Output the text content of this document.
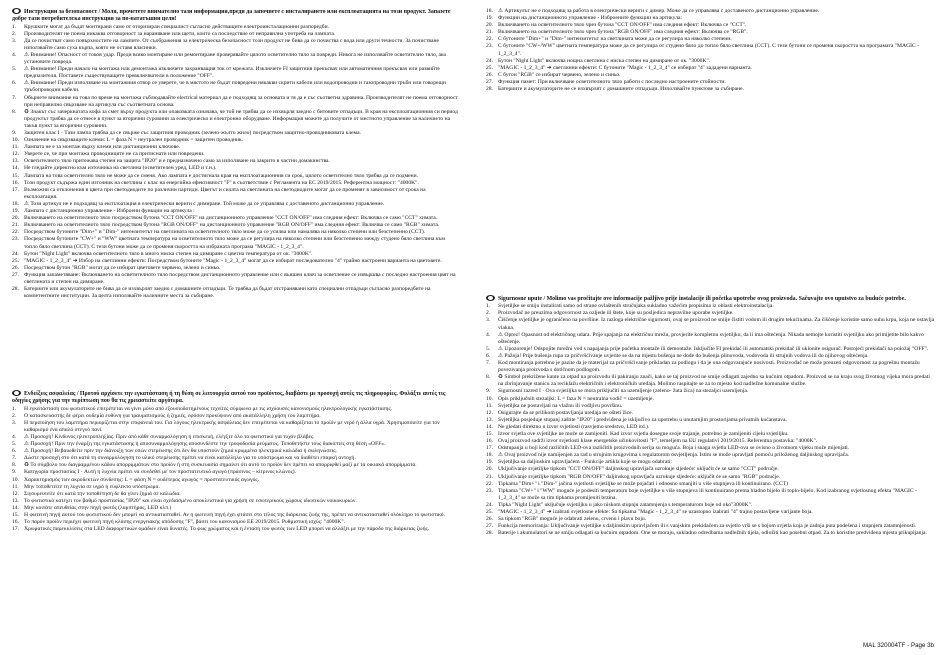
Инструкции за безопасност / Моля, прочетете внимателно тази информация,преди да започнете с инсталирането или експлоатацията на този продукт. Запазете добре тази потребителска инструкция за по-нататъшни цели!

1. Крушките могат да бъдат монтирани само от оторизиран специалист съгласно действащите електроинсталационни разпоредби.

2. Производителят не поема никаква отговорност за нараняване или щети, които са последствие от неправилна употреба на лампата.

3. Да се почистват само повърхностите на лампите. От съображения за електрическа безопасност този продукт не бива да се почиства с вода или други течности. За почистване използвайте само суха кърпа, която не оставя власинки.

4. ⚠ Внимание! Опасност от токов удар. Преди всяко монтиране или ремонтиране проверявайте цялото осветително тяло за повреди. Никога не използвайте осветително тяло, ако установите повреда.

5. ⚠ Внимание! Преди начало на монтажа или демонтажа изключете захранващия ток от мрежата. Изключете FI защитния прекъсвач или автоматичния прекъсвач или развийте предпазителя. Поставете съществуващите превключватели в положение "OFF".

6. ⚠ Внимание! Преди използване на монтажния отвор се уверете, че в мястото не бъдат повредени някакви скрити кабели или водопроводни и газопроводни тръби или говорещи тръбопроводни кабели.

7. Обърнете внимание на това по време на монтажа съблюдавайте electrical материал да е подходящ за основата и тя да е със съответна здравина. Производителят не поема отговорност при неправилно свързване на артикула със съответната основа.

8. ♻ Знакът със зачеркнатата кофа за смет върху продукта или опаковката означава, че той не трябва да се изхвърля заедно с битовите отпадъци. В края на експлоатационния си период продуктът трябва да се отнесе в пункт за вторични суровини за електрическо и електронно оборудване. Информация можете да получите от местното управление за наличието на такъв пункт за вторични суровини.

9. Защитен клас I · Тази лампа трябва да се свърже със защитния проводник (зелено-жълто жило) посредством защитно-проводниковата клема.

10. Означение на свързващите клеми: L = фаза N = неутрален проводник = защитен проводник.

11. Лампата не е за монтаж върху клеми или дистанционни ключове.

12. Уверете се, че при монтажа проводниците не са притиснати или повредени.

13. Осветителното тяло притежава степен на защита "IP20" и е предназначено само за използване на закрито в частни домакинства.

14. Не гледайте директно към източника на светлина (осветителен уред, LED и т.н.).

15. Лампата на това осветително тяло не може да се сменя. Ако лампата е достигнала края на експлоатационния си срок, цялото осветително тяло трябва да се подмени.

16. Този продукт съдържа един източник на светлина с клас на енергийна ефективност "F" в съответствие с Регламента на ЕС 2019/2015. Референтна мощност: "4000K".

17. Възможни са отклонения в цвета при светодиодите по различни партиди. Цветът и силата на светлината на светодиодите могат да се променят в зависимост от срока на експлоатация.

18. ⚠ Този артикул не е подходящ за експлоатация в електрически вериги с димиране. Той може да се управлява с доставеното дистанционно управление.

19. Лампата с дистанционно управление - Изброени функции на артикула :

20. Включването на осветителното тяло посредством бутона "CCT ON/OFF" на дистанционното управление "CCT ON/OFF" има следния ефект: Включва се само "CCT" химата.

21. Включването на осветителното тяло посредством бутона "RGB ON/OFF" на дистанционното управление "RGB ON/OFF" има следния ефект: Включва се само "RGB" химата.

22. Посредством бутоните "Dim+" и "Dim-" интензитетът на светлината на осветителното тяло може да се усилва или намалява на няколко степени или безстепенно (CCT).

23. Посредством бутоните "CW+" и "WW" цветната температура на осветителното тяло може да се регулира на няколко степени или безстепенно между студено бяло светлина към топло бяло светлина (CCT). С тези бутони може да се променя скоростта на избраната програма "MAGIC - 1_2_3_4".

24. Бутон "Night Light" включва осветителното тяло в много ниска степен на димиране с цветна температура от ок. "3000K".

25. "MAGIC - 1_2_3_4" ➔ Избор на светлинни ефекти: Посредством бутоните "Magic - 1_2_3_4" могат да се избират последователно "4" трайно настроени варианта на цветовете.

26. Посредством бутон "RGB" могат да се избират цветовете червено, зелено и синьо.

27. Функция запаметяване: Включването на осветителното тяло посредством дистанционното управление или с външен ключ за осветление се извършва с последно настроения цвят на светлината и степен на димиране.

28. Батериите или акумулаторите не бива да се изхвърлят заедно с домашните отпадъци. Те трябва да бъдат отстранявани като специални отпадъци съгласно разпоредбите на компетентните институции. За целта използвайте наличните места за събиране.

Ενδείξεις ασφαλείας / Προτού αρχίσετε την εγκατάσταση ή τη θέση σε λειτουργία αυτού του προϊόντος, διαβάστε με προσοχή αυτές τις πληροφορίες. Φυλάξτε αυτές τις οδηγίες χρήσης για την περίπτωση που θα τις χρειαστείτε αργότερα.

1. Η εγκατάσταση του φωτιστικού επιτρέπεται να γίνει μόνο από εξουσιοδοτημένους τεχνίτες σύμφωνα με τις ισχύουσες κανονισμούς ηλεκτρολογικής εγκατάστασης.

2. Ο κατασκευαστής δε φέρει ουδεμία ευθύνη για τραυματισμούς ή ζημιές, εφόσον προκύψουν από ακατάλληλη χρήση του λαμπτήρα.

3. Η περιποίηση του λαμπτήρα περιορίζεται στην επιφάνειά του. Για λόγους ηλεκτρικής ασφάλειας δεν επιτρέπεται να καθαρίζεται το προϊόν με νερό ή άλλα υγρά. Χρησιμοποιείτε για τον καθαρισμό ένα απαλό στεγνό πανί.

4. ⚠ Προσοχή! Κίνδυνος ηλεκτροπληξίας. Πριν από κάθε συναρμολόγηση ή επισκευή, ελέγξτε όλο το φωτιστικό για τυχόν βλάβες.

5. ⚠ Προσοχή! Πριν την έναρξη της εγκατάστασης ή αποσυναρμολόγησης αποσυνδέστε την τροφοδοσία ρεύματος. Τοποθετήστε τους διακόπτες στη θέση «OFF».

6. ⚠ Προσοχή! Βεβαιωθείτε πριν την διάνοιξη των οπών στερέωσης ότι δεν θα υποστούν ζημιά κρυμμένα ηλεκτρικά καλώδια ή σωληνώσεις.

7. Δώστε προσοχή στο ότι κατά τη συναρμολόγηση το υλικό στερέωσης πρέπει να είναι κατάλληλο για το υπόστρωμα και να διαθέτει επαρκή αντοχή.

8. ♻ Το σύμβολο του διαγραμμένου κάδου απορριμμάτων στο προϊόν ή στη συσκευασία σημαίνει ότι αυτό το προϊόν δεν πρέπει να απορριφθεί μαζί με τα οικιακά απορρίμματα.

9. Κατηγορία προστασίας I · Αυτή η λυχνία πρέπει να συνδεθεί με τον προστατευτικό αγωγό (πράσινος – κίτρινος κλώνος).

10. Χαρακτηρισμός των ακροδεκτών σύνδεσης: L = φάση N = ουδέτερος αγωγός = προστατευτικός αγωγός.

11. Μην τοποθετείτε τη λυχνία σε υγρό ή εύφλεκτο υπόστρωμα.

12. Σιγουρευτείτε ότι κατά την τοποθέτηση δε θα γίνει ζημιά σε καλώδια.

13. Το φωτιστικό κατέχει τον βαθμό προστασίας "IP20" και είναι σχεδιασμένο αποκλειστικά για χρήση σε εσωτερικούς χώρους ιδιωτικών νοικοκυριών.

14. Μην κοιτάτε απευθείας στην πηγή φωτός (λαμπτήρας, LED κλπ.)

15. Η φωτεινή πηγή αυτού του φωτιστικού δεν μπορεί να αντικατασταθεί. Αν η φωτεινή πηγή έχει φτάσει στο τέλος της διάρκειας ζωής της, πρέπει να αντικατασταθεί ολόκληρο το φωτιστικό.

16. Το παρόν προϊόν περιέχει φωτεινή πηγή κλάσης ενεργειακής απόδοσης "F", βάσει του κανονισμού ΕΕ 2019/2015. Ρυθμιστική ισχύς: "4000K".

17. Χρωματικές παρεκκλίσεις στα LED διαφορετικών ομάδων είναι δυνατές. Το φως χρώματος και η ένταση του φωτός των LED μπορεί να αλλάζει με την πάροδο της διάρκειας ζωής.

18. ⚠ Артикулът не е подходящ за работа в електрически вериги с димер. Може да се управлява с доставеното дистанционно управление.

19. Функции на дистанционното управление - Изброените функции на артикула:

20. Включването на осветителното тяло чрез бутона "CCT ON/OFF" има следния ефект: Включва се "CCT".

21. Включването на осветителното тяло чрез бутона "RGB ON/OFF" има следния ефект: Включва се "RGB".

22. С бутоните "Dim+" и "Dim-" интензитетът на светлината може да се регулира на няколко степени.

23. С бутоните "CW+/WW" цветната температура може да се регулира от студено бяло до топло бяло светлина (CCT). С тези бутони се променя скоростта на програмата "MAGIC - 1_2_3_4".

24. Бутон "Night Light" включва нощна светлина с ниска степен на димиране от ок. "3000K".

25. "MAGIC - 1_2_3_4" ➔ светлинни ефекти: С бутоните "Magic - 1_2_3_4" се избират "4" зададени варианта.

26. С бутон "RGB" се избират червено, зелено и синьо.

27. Функция памет: При включване осветителното тяло работи с последно настроените стойности.

28. Батериите и акумулаторите не се изхвърлят с домашните отпадъци. Използвайте пунктове за събиране.

Sigurnosne upute / Molimo vas pročitajte ove informacije pažljivo prije instalacije ili početka upotrebe ovog proizvoda. Sačuvajte ovo uputstvo za buduće potrebe.

1. Svjetiljke se smiju instalirati samo od strane ovlaštenih stručnjaka sukladno važećim propisima iz oblasti elektroinstalacija.

2. Proizvođač ne preuzima odgovornost za ozljede ili štete, koje su posljedica nepravilne uporabe svjetiljke.

3. Čišćenje svjetiljke je ograničeno na površine. Iz razloga električne sigurnosti, ovaj se proizvod ne smije čistiti vodom ili drugim tekućinama. Za čišćenje koristite samo suhu krpu, koja ne ostavlja vlakna.

4. ⚠ Oprez! Opasnost od električnog udara. Prije spajanja na električnu mrežu, provjerite kompletnu svjetiljku, da li ima oštećenja. Nikada nemojte koristiti svjetiljku ako primijetite bilo kakvo oštećenje.

5. ⚠ Upozorenje! Odspojite mrežni vod s napajanja prije početka montaže ili demontaže. Isključite FI prekidač ili automatski prekidač ili uklonite osigurač. Postojeći prekidači na položaj "OFF".

6. ⚠ Pažnja! Prije bušenja rupa za pričvršćivanje uvjerite se da na mjestu bušenja ne dođe do bušenja plinovoda, vodovoda ili strujnih vodova ili do njihovog oštećenja.

7. Kod montiranja potrebno je pazite da je materijal za pričvršćivanje prikladan za podlogu i da je ona odgovarajuće nosivosti. Proizvođač ne može preuzeti odgovornost za pogrešnu montažu povezivanja proizvoda s dotičnom podlogom.

8. ♻ Simbol prekrižene kante za otpad na proizvodu ili pakiranju znači, kako se taj proizvod ne smije odlagati zajedno sa kućnim otpadom. Proizvod se na kraju svog životnog vijeka mora predati na zbrinjavanje stanicu za reciklažu električnih i elektroničkih uređaja. Molimo raspitajte se za to mjesto kod nadležne komunalne službe.

9. Sigurnosni razred I · Ova svjetiljka se mora priključiti na uzemljenje (zeleno- žuta žica) na stezaljci uzemljenja.

10. Opis priključnih stezaljki: L = faza N = neutralna vodič = uzemljenje.

11. Svjetiljka ne postavljati na vlažnu ili vodljivu površinu.

12. Osigurajte da se prilikom postavljanja uređaja ne ošteti žice.

13. Svjetiljka posjeduje stupanj zaštite "IP20" i predviđena je isključivo za upotrebu u unutarnjim prostorijama privatnih kućanstava.

14. Ne gledati direktno u izvor svjetlosti (rasvjetno sredstvo, LED itd.).

15. Izvor svjetla ove svjetiljke ne može se zamijeniti. Kad izvor svjetla dosegne svoje trajanje, potrebno je zamijeniti cijelu svjetiljku.

16. Ovaj proizvod sadrži izvor svjetlosti klase energetske učinkovitosti "F", temeljem na EU regulativi 2019/2015. Referentna postavka: "4000K".

17. Odstupanja u boji kod različitih LED-ova različitih proizvodnih serija su moguća. Boja i snaga svjetla LED-ova se ovisno o životnom vijeku može mijenjati.

18. ⚠ Ovaj proizvod nije namijenjen za rad u strujnim krugovima s regulatorom osvjetljenja. Istim se može upravljati pomoću priloženog daljinskog upravljača.

19. Svjetiljka sa daljinskim upravljačem - Funkcije artikla koje se mogu odabrati:

20. Uključivanje svjetiljke tipkom "CCT ON/OFF" daljinskog upravljača uzrokuje sljedeće: uključit će se samo "CCT" područje.

21. Uključivanje svjetiljke tipkom "RGB ON/OFF" daljinskog upravljača uzrokuje sljedeće: uključit će se samo "RGB" područje.

22. Tipkama "Dim+" i "Dim-" jačina svjetlosti svjetiljke se može pojačati i odnosno smanjiti u više stupnjeva ili kontinuirano. (CCT)

23. Tipkama "CW+" i "WW" moguće je podesiti temperaturu boje svjetiljke u više stupnjeva ili kontinuirano prema hladno bijelo ili toplo-bijelo. Kod izabranog svjetlosnog efekta "MAGIC - 1_2_3_4" se može sa tim tipkama promijeniti brzina.

24. Tipka "Night Light" uključuje svjetiljku u jako niskom stupnju zatamnjenja s temperaturom boje od oko"3000K".

25. "MAGIC - 1_2_3_4" ➔ izabrati svjetlosne efekte: Sa tipkama "Magic - 1_2_3_4" se uzastopno izabrati "4" trajno postavljene varijante boja.

26. Sa tipkom "RGB" moguće je odabrati zelenu, crvenu i plavu boju.

27. Funkcija memoriranja: Uključivanje svjetiljke s daljinskim upravljačem ili s vanjskim prekidačem za svjetlo vrši se s bojom svjetla koja je zadnja puta podešena i stupnjem zatamnjenosti.

28. Baterije i akumulatori se ne smiju odlagati sa kućnim otpadom. One se moraju, sukladno odredbama nadležnih tijela, odložiti kao posebni otpad. Za to koristite predviđena mjesta prikupljanja.

MAL 320004TF - Page 3b
